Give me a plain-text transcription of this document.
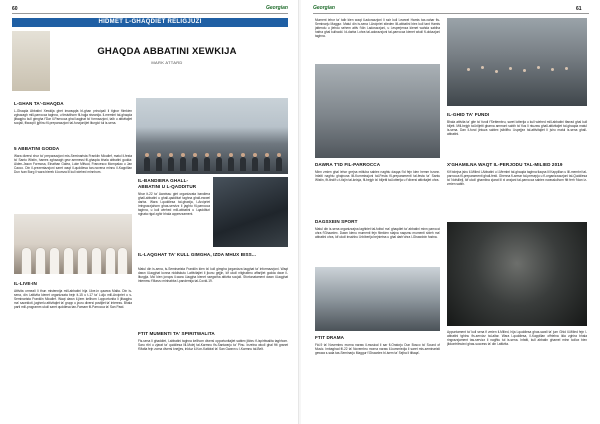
60	Georgian
HIDMET L-GHAQDIET RELIGJUZI
GHAQDA ABBATINI XEWKIJA
MARK ATTARD
L-GHAN TA'-GHAQDA
L-Ghaqda Abbatini Xewkija ghet imwaqqfa bl-ghan principali li tigbor flimkien zghazagh mill-parrocca taghna, u tirsistihom fil-hajja nisranija. Il-membri tal-ghaqda jiltaqghu kull gimgha f'Dar il-Parrocca ghal laqghat ta' formazzjoni, talb u attivitajiet socjali, filwaqt li jgħinu fil-preparazzjoni tal-funzjonijiet liturgici tul is-sena.
5 ABBATINI GODDA
Wara diversi xhur ta' preparazzjoni mis-Seminarista Franklin Micallef, matul il-festa ta' Santu Wistin, hames zghazagh gew ammessi fil-ghaqda bhala abbatini godda: Aiden-Jason Formosa, Einathan Galea, Luke Mifsud, Francesco Mompalao u Jan Cacco. Din il-prezentazzjoni saret waqt il-quddiesa tan-novena minnu il-Kappillan Dun Ivan Borg li wara bierek il-komza lil kull wiehed minnhom.
IL-LIVE-IN
Attivita ormeali li thun mistennija mill-abbatini hija l-live-in qawwa Malta. Din is-sena, din l-attivita kienet organizzata bejn it-15 u t-17 ta' Lulju mill-Arcipriet u s-Seminarista Franklin Micallef. Waqt dawn il-jiem kellhom l-opportunita li jiltaqghu ma' saceidoti, jaghmlu attivitajiet ta' grupp u jzuru diversi postijiet ta' interess. Bhala parti mill-programm ukoll saret quddiesa tan-Famam fil-Parrocca ta' San Pawl.
IL-BANDIERA GHALL-ABBATINI U L-QADDITUR
Nhar it-22 ta' Awwissu giet organizzata bandiera ghall-abbatini u ghall-qaddituri taghna ghall-ewwel darba. Wara l-quddiesa tal-ghaxija, l-Arcipriet irringrazzjahom ghas-servizz li jaghtu fil-parrocca taghna, u kull wiehed mill-abbatini u l-qaddituri nghata rigal zghir bhala apprezzament.
IL-LAQGHAT TA' KULL GIMGHA, IZDA MHUX BISS...
Matul din is-sena, is-Seminarista Franklin kien ta' kull gimgha jorganizza laqghat ta' informazzjoni. Waqt dawn il-laqghat konna niddiskutu l-attivitajiet li jkunu gejjin, kif ukoll nitghallmu affarijiet godda dwar il-liturgija. Ma' kien jonqos il-wara l-laqgha kienet ssegwiha attivita socjali. Sfortunatament dawn il-laqghat intemmu f'Marzu minhabba l-pandemija tal-Covid-19.
FTIT MUMENTI TA' SPIRITWALITA
Fis-sena li ghaddiet, l-abbatini taghna kellhom diversi opportunitajiet sabiex jikbru fl-ispiritwalita taghhom. Saru rtiri u zjarat ta' quddiesa lill-Mulej tal-Karmnu fis-Santwarju ta' Pinu. Inzelna wkoll ghal ftit granet f'Malta fejn zorna diversi knejjes, inkluz il-Kon-Katidral ta' San Gwann u l-Karmnu tal-Belt.
61
Georgian
Mument iehor ta' talb kien waqt il-adorazzjoni li ssir kull l-ewwel Hamis tax-xahar fis-Seminarju Maggur. Matul din is-sena l-Arcipriet stieden lill-abbatini biex kull tant Hamis jattendu u jiehdu sehem attiv f'din l-adorazzjoni, u l-esperjenza kienet wahda sabiha hafna ghal kulhadd. Id-darba l-ohra tal-adorazzjoni tal-parrocca kienet wkoll fl-okkazjoni taghna.
DAWRA T'ID FIL-PARROCCA
Minn zmien ghal iehor grejna mitluba sabiex naghtu daqqa t'id fejn kien hemm bzonn. Infatti naghtu ghajnuna lill-Kummissjoni tal-Festa fil-preparamenti tal-festa ta' Santu Wistin, fit-tindif u t-tizjin tal-knisja, fil-bejgh ta' biljetti tal-lotterija u f'diversi attivitajiet ohra.
DAGSXEIN SPORT
Matul din is-sena organizzajna laghbiet tal-futbol ma' ghaqdiet ta' abbatini minn parrocci ohra f'Ghawdex. Dawn kienu mumenti fejn flimkien stajna naqsmu mumenti sbieh ma' abbatini ohra, kif ukoll insahhu l-hbiberija bejnietna u ghal darb'ohra l-Ghawdxin fostna.
FTIT DRAMA
Fid-9 ta' Novembru morna naraw il-musical li sar fl-Oratorju Dun Bosco ta' Sound of Music. Imbaghad fil-22 ta' Novembru morna naraw il-kummiedja li saret mis-seminaristi gewwa s-sala tas-Seminarju Maggur t'Ghawdex bl-isem ta' Sejba li tiltaqa'.
IL-GHID TA' FUNDI
Bhala attivita ta' gite ta' fundi f'Settembru, saret lotterija u kull wiehed mill-abbatini tfarrad ghal kull biljett. Mill-bejgh tal-biljetti gbarna ammont sabih ta' flus li ntuzaw ghall-attivitajiet tal-ghaqda matul is-sena. Dan il-fond jintuza sabiex jsibilfhu l-ispejjez tal-attivitajiet li jsiru matul is-sena ghall-abbatini.
X'GHAMILNA WAQT IL-PERJODU TAL-MILIED 2019
Kif bdejna jsiru il-Milied l-Abbatini u l-Membri tal-ghaqda taghna tlaqna lil Kappillan u lill-membri tal-parrocca fil-preparamenti ghall-festi. Ghenna fl-armar tal-presepju u fl-organizzazzjoni tal-Quddiesa ta' Nofsillejl, kif ukoll ghamilna zjarat lil xi anzjani tal-parrocca sabiex nwasslulhom ftit ferh f'dan iz-zmien sabih.
Appuntament ta' kull sena fi zmien il-Milied, hija l-quddiesa ghas-swali ta' jum Ghid il-Milied fejn l-abbatini tghinu fis-servizz tal-altar. Wara l-quddiesa, il-Kappillan offrielna ikla zghira bhala ringrazzjament tas-servizz li nagħtu tul is-sena. Infatti, kull abbatin ghamel minn kollox biex jikkontribwixxi ghas-success ta' din l-attivita.
